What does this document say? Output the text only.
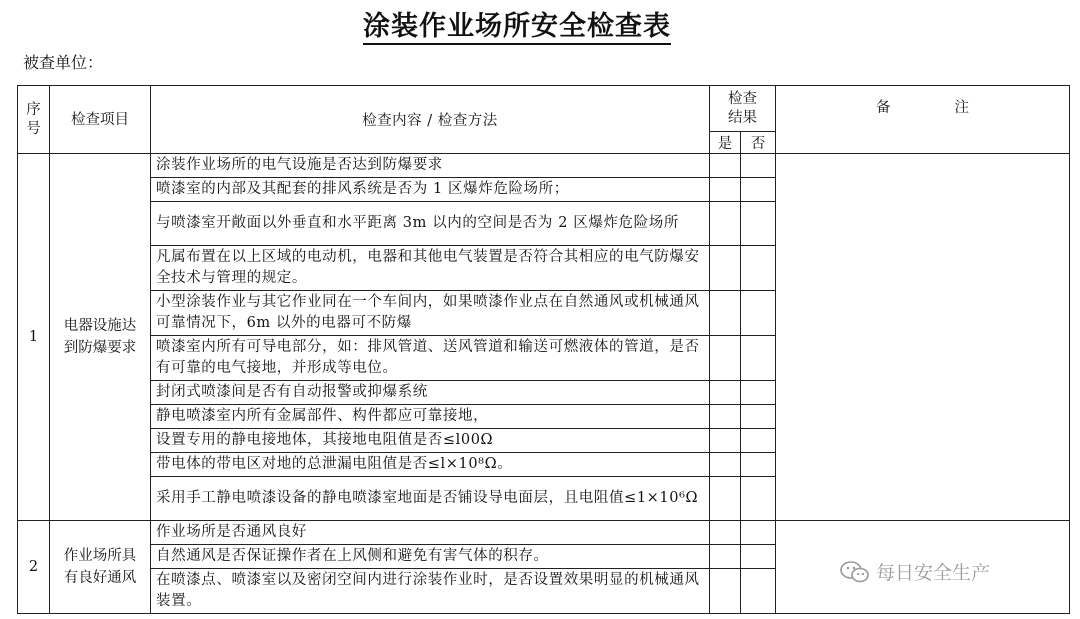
涂装作业场所安全检查表
被查单位：
序号	检查项目	检查内容 / 检查方法	检查结果		备 注
			是	否	
1	电器设施达到防爆要求	涂装作业场所的电气设施是否达到防爆要求			
		喷漆室的内部及其配套的排风系统是否为 1 区爆炸危险场所；			
		与喷漆室开敞面以外垂直和水平距离 3m 以内的空间是否为 2 区爆炸危险场所			
		凡属布置在以上区域的电动机，电器和其他电气装置是否符合其相应的电气防爆安全技术与管理的规定。			
		小型涂装作业与其它作业同在一个车间内，如果喷漆作业点在自然通风或机械通风可靠情况下，6m 以外的电器可不防爆			
		喷漆室内所有可导电部分，如：排风管道、送风管道和输送可燃液体的管道，是否有可靠的电气接地，并形成等电位。			
		封闭式喷漆间是否有自动报警或抑爆系统			
		静电喷漆室内所有金属部件、构件都应可靠接地，			
		设置专用的静电接地体，其接地电阻值是否≤l00Ω			
		带电体的带电区对地的总泄漏电阻值是否≤l×10⁸Ω。			
		采用手工静电喷漆设备的静电喷漆室地面是否铺设导电面层，且电阻值≤1×10⁶Ω			
2	作业场所具有良好通风	作业场所是否通风良好			
		自然通风是否保证操作者在上风侧和避免有害气体的积存。			
		在喷漆点、喷漆室以及密闭空间内进行涂装作业时，是否设置效果明显的机械通风装置。			
每日安全生产
